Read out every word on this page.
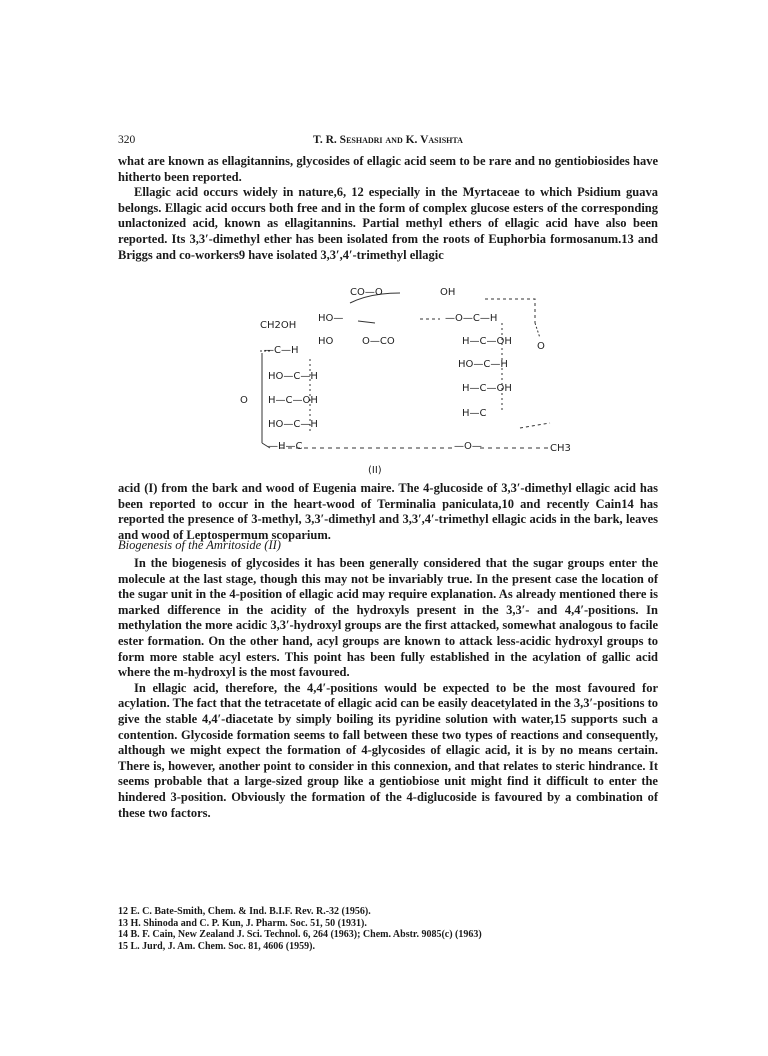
320	T. R. Seshadri and K. Vasishta

what are known as ellagitannins, glycosides of ellagic acid seem to be rare and no gentiobiosides have hitherto been reported.

Ellagic acid occurs widely in nature,6, 12 especially in the Myrtaceae to which Psidium guava belongs. Ellagic acid occurs both free and in the form of complex glucose esters of the corresponding unlactonized acid, known as ellagitannins. Partial methyl ethers of ellagic acid have also been reported. Its 3,3′-dimethyl ether has been isolated from the roots of Euphorbia formosanum.13 and Briggs and co-workers9 have isolated 3,3′,4′-trimethyl ellagic

CO—O	OH
HO—
HO	O—CO
—O—C—H
H—C—OH	O
HO—C—H
H—C—OH
H—C
CH3
CH2OH
—C—H
HO—C—H
H—C—OH
HO—C—H
—H—C	—O—
O
(II)

acid (I) from the bark and wood of Eugenia maire. The 4-glucoside of 3,3′-dimethyl ellagic acid has been reported to occur in the heart-wood of Terminalia paniculata,10 and recently Cain14 has reported the presence of 3-methyl, 3,3′-dimethyl and 3,3′,4′-trimethyl ellagic acids in the bark, leaves and wood of Leptospermum scoparium.

Biogenesis of the Amritoside (II)

In the biogenesis of glycosides it has been generally considered that the sugar groups enter the molecule at the last stage, though this may not be invariably true. In the present case the location of the sugar unit in the 4-position of ellagic acid may require explanation. As already mentioned there is marked difference in the acidity of the hydroxyls present in the 3,3′- and 4,4′-positions. In methylation the more acidic 3,3′-hydroxyl groups are the first attacked, somewhat analogous to facile ester formation. On the other hand, acyl groups are known to attack less-acidic hydroxyl groups to form more stable acyl esters. This point has been fully established in the acylation of gallic acid where the m-hydroxyl is the most favoured.

In ellagic acid, therefore, the 4,4′-positions would be expected to be the most favoured for acylation. The fact that the tetracetate of ellagic acid can be easily deacetylated in the 3,3′-positions to give the stable 4,4′-diacetate by simply boiling its pyridine solution with water,15 supports such a contention. Glycoside formation seems to fall between these two types of reactions and consequently, although we might expect the formation of 4-glycosides of ellagic acid, it is by no means certain. There is, however, another point to consider in this connexion, and that relates to steric hindrance. It seems probable that a large-sized group like a gentiobiose unit might find it difficult to enter the hindered 3-position. Obviously the formation of the 4-diglucoside is favoured by a combination of these two factors.

12 E. C. Bate-Smith, Chem. & Ind. B.I.F. Rev. R.-32 (1956).

13 H. Shinoda and C. P. Kun, J. Pharm. Soc. 51, 50 (1931).

14 B. F. Cain, New Zealand J. Sci. Technol. 6, 264 (1963); Chem. Abstr. 9085(c) (1963)

15 L. Jurd, J. Am. Chem. Soc. 81, 4606 (1959).
